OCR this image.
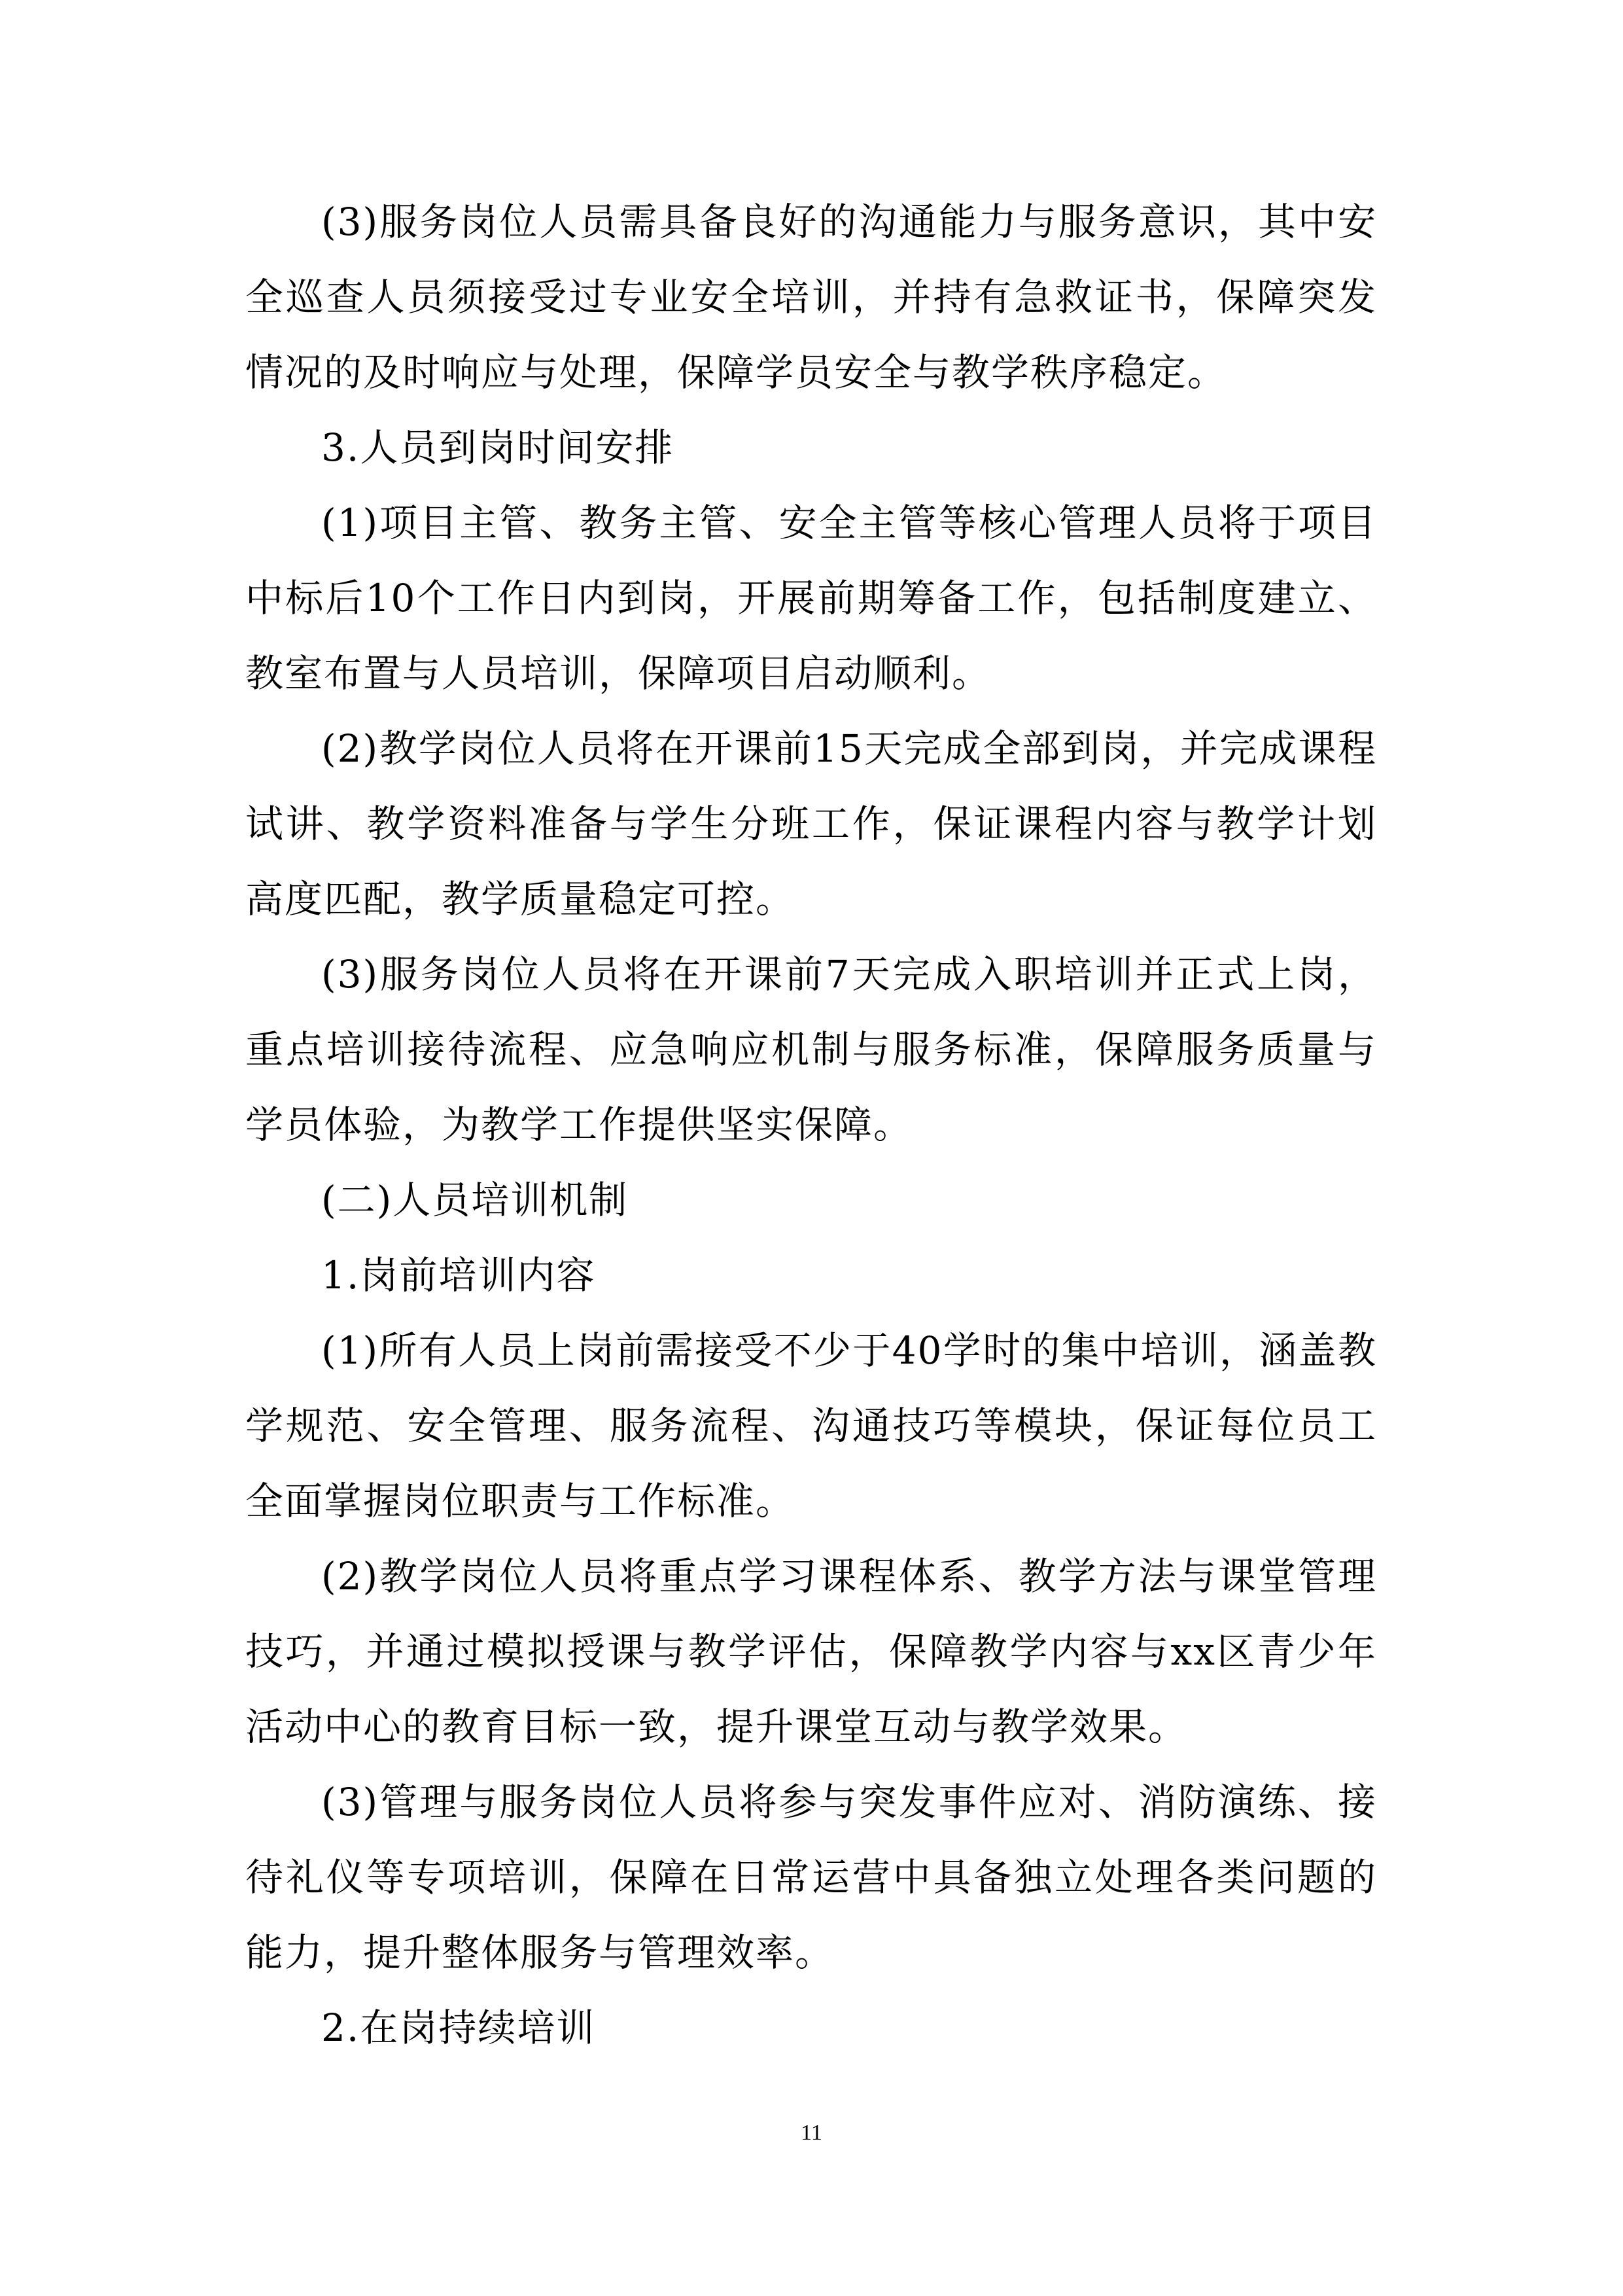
(3)服务岗位人员需具备良好的沟通能力与服务意识，其中安全巡查人员须接受过专业安全培训，并持有急救证书，保障突发情况的及时响应与处理，保障学员安全与教学秩序稳定。

3.人员到岗时间安排

(1)项目主管、教务主管、安全主管等核心管理人员将于项目中标后10个工作日内到岗，开展前期筹备工作，包括制度建立、教室布置与人员培训，保障项目启动顺利。

(2)教学岗位人员将在开课前15天完成全部到岗，并完成课程试讲、教学资料准备与学生分班工作，保证课程内容与教学计划高度匹配，教学质量稳定可控。

(3)服务岗位人员将在开课前7天完成入职培训并正式上岗，重点培训接待流程、应急响应机制与服务标准，保障服务质量与学员体验，为教学工作提供坚实保障。

(二)人员培训机制

1.岗前培训内容

(1)所有人员上岗前需接受不少于40学时的集中培训，涵盖教学规范、安全管理、服务流程、沟通技巧等模块，保证每位员工全面掌握岗位职责与工作标准。

(2)教学岗位人员将重点学习课程体系、教学方法与课堂管理技巧，并通过模拟授课与教学评估，保障教学内容与xx区青少年活动中心的教育目标一致，提升课堂互动与教学效果。

(3)管理与服务岗位人员将参与突发事件应对、消防演练、接待礼仪等专项培训，保障在日常运营中具备独立处理各类问题的能力，提升整体服务与管理效率。

2.在岗持续培训

11
